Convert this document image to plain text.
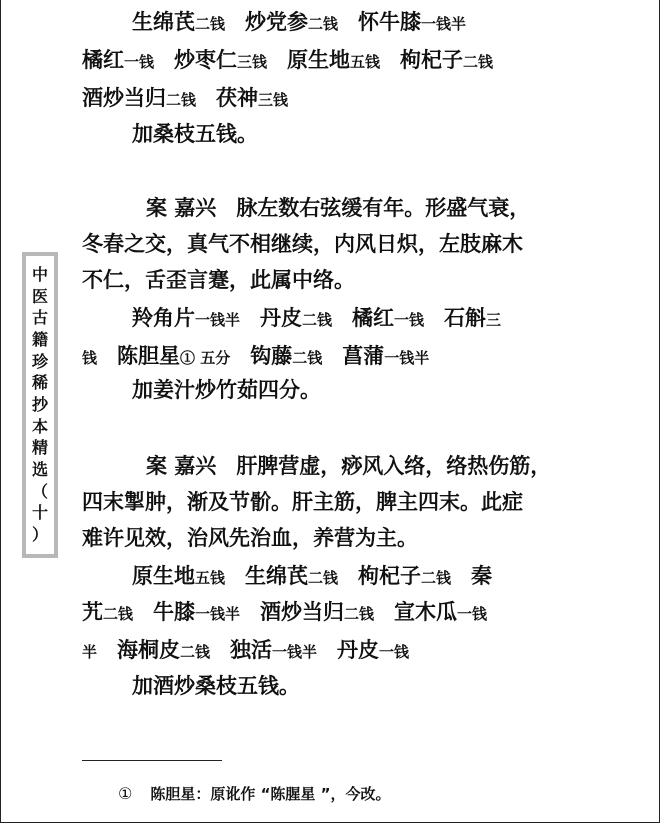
中
医
古
籍
珍
稀
抄
本
精
选
（
十
）
生绵芪二钱 炒党参二钱 怀牛膝一钱半
橘红一钱 炒枣仁三钱 原生地五钱 枸杞子二钱
酒炒当归二钱 茯神三钱
加桑枝五钱。
案 嘉兴 脉左数右弦缓有年。形盛气衰，
冬春之交，真气不相继续，内风日炽，左肢麻木
不仁，舌歪言蹇，此属中络。
羚角片一钱半 丹皮二钱 橘红一钱 石斛三
钱 陈胆星① 五分 钩藤二钱 菖蒲一钱半
加姜汁炒竹茹四分。
案 嘉兴 肝脾营虚，痧风入络，络热伤筋，
四末掣肿，渐及节骱。肝主筋，脾主四末。此症
难许见效，治风先治血，养营为主。
原生地五钱 生绵芪二钱 枸杞子二钱 秦
艽二钱 牛膝一钱半 酒炒当归二钱 宣木瓜一钱
半 海桐皮二钱 独活一钱半 丹皮一钱
加酒炒桑枝五钱。
① 陈胆星：原讹作 “陈腥星 ”，今改。
